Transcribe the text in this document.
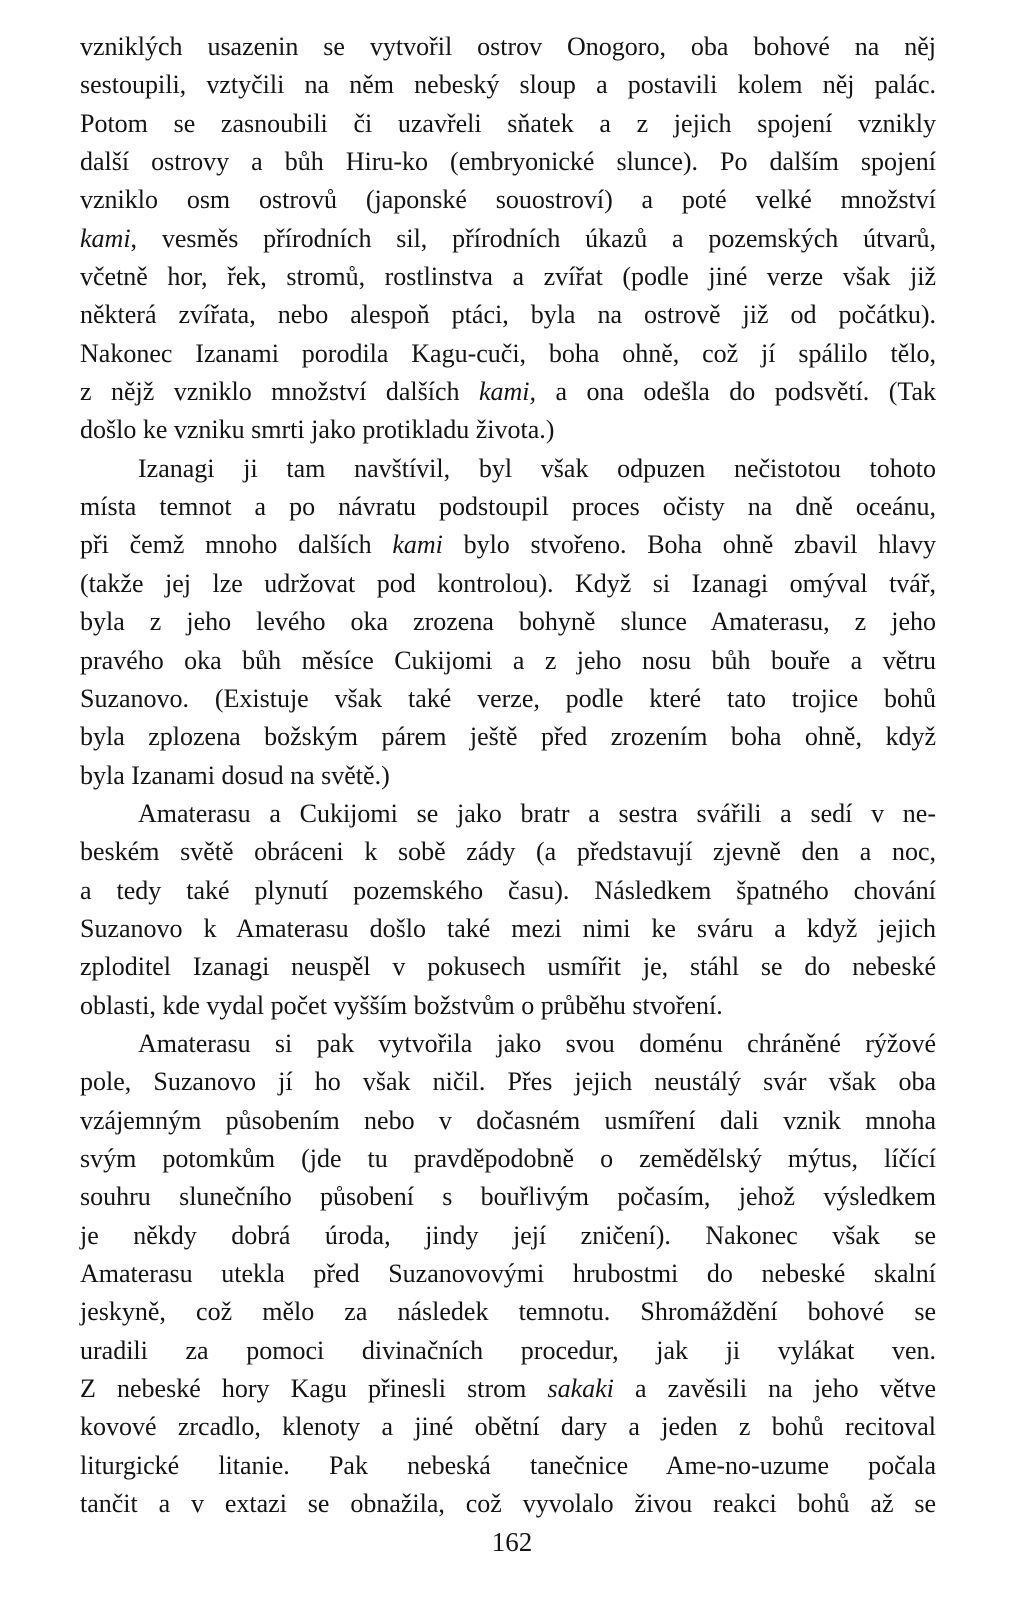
vzniklých usazenin se vytvořil ostrov Onogoro, oba bohové na něj
sestoupili, vztyčili na něm nebeský sloup a postavili kolem něj palác.
Potom se zasnoubili či uzavřeli sňatek a z jejich spojení vznikly
další ostrovy a bůh Hiru-ko (embryonické slunce). Po dalším spojení
vzniklo osm ostrovů (japonské souostroví) a poté velké množství
kami, vesměs přírodních sil, přírodních úkazů a pozemských útvarů,
včetně hor, řek, stromů, rostlinstva a zvířat (podle jiné verze však již
některá zvířata, nebo alespoň ptáci, byla na ostrově již od počátku).
Nakonec Izanami porodila Kagu-cuči, boha ohně, což jí spálilo tělo,
z nějž vzniklo množství dalších kami, a ona odešla do podsvětí. (Tak
došlo ke vzniku smrti jako protikladu života.)
Izanagi ji tam navštívil, byl však odpuzen nečistotou tohoto
místa temnot a po návratu podstoupil proces očisty na dně oceánu,
při čemž mnoho dalších kami bylo stvořeno. Boha ohně zbavil hlavy
(takže jej lze udržovat pod kontrolou). Když si Izanagi omýval tvář,
byla z jeho levého oka zrozena bohyně slunce Amaterasu, z jeho
pravého oka bůh měsíce Cukijomi a z jeho nosu bůh bouře a větru
Suzanovo. (Existuje však také verze, podle které tato trojice bohů
byla zplozena božským párem ještě před zrozením boha ohně, když
byla Izanami dosud na světě.)
Amaterasu a Cukijomi se jako bratr a sestra svářili a sedí v ne-
beském světě obráceni k sobě zády (a představují zjevně den a noc,
a tedy také plynutí pozemského času). Následkem špatného chování
Suzanovo k Amaterasu došlo také mezi nimi ke sváru a když jejich
zploditel Izanagi neuspěl v pokusech usmířit je, stáhl se do nebeské
oblasti, kde vydal počet vyšším božstvům o průběhu stvoření.
Amaterasu si pak vytvořila jako svou doménu chráněné rýžové
pole, Suzanovo jí ho však ničil. Přes jejich neustálý svár však oba
vzájemným působením nebo v dočasném usmíření dali vznik mnoha
svým potomkům (jde tu pravděpodobně o zemědělský mýtus, líčící
souhru slunečního působení s bouřlivým počasím, jehož výsledkem
je někdy dobrá úroda, jindy její zničení). Nakonec však se
Amaterasu utekla před Suzanovovými hrubostmi do nebeské skalní
jeskyně, což mělo za následek temnotu. Shromáždění bohové se
uradili za pomoci divinačních procedur, jak ji vylákat ven.
Z nebeské hory Kagu přinesli strom sakaki a zavěsili na jeho větve
kovové zrcadlo, klenoty a jiné obětní dary a jeden z bohů recitoval
liturgické litanie. Pak nebeská tanečnice Ame-no-uzume počala
tančit a v extazi se obnažila, což vyvolalo živou reakci bohů až se
162
